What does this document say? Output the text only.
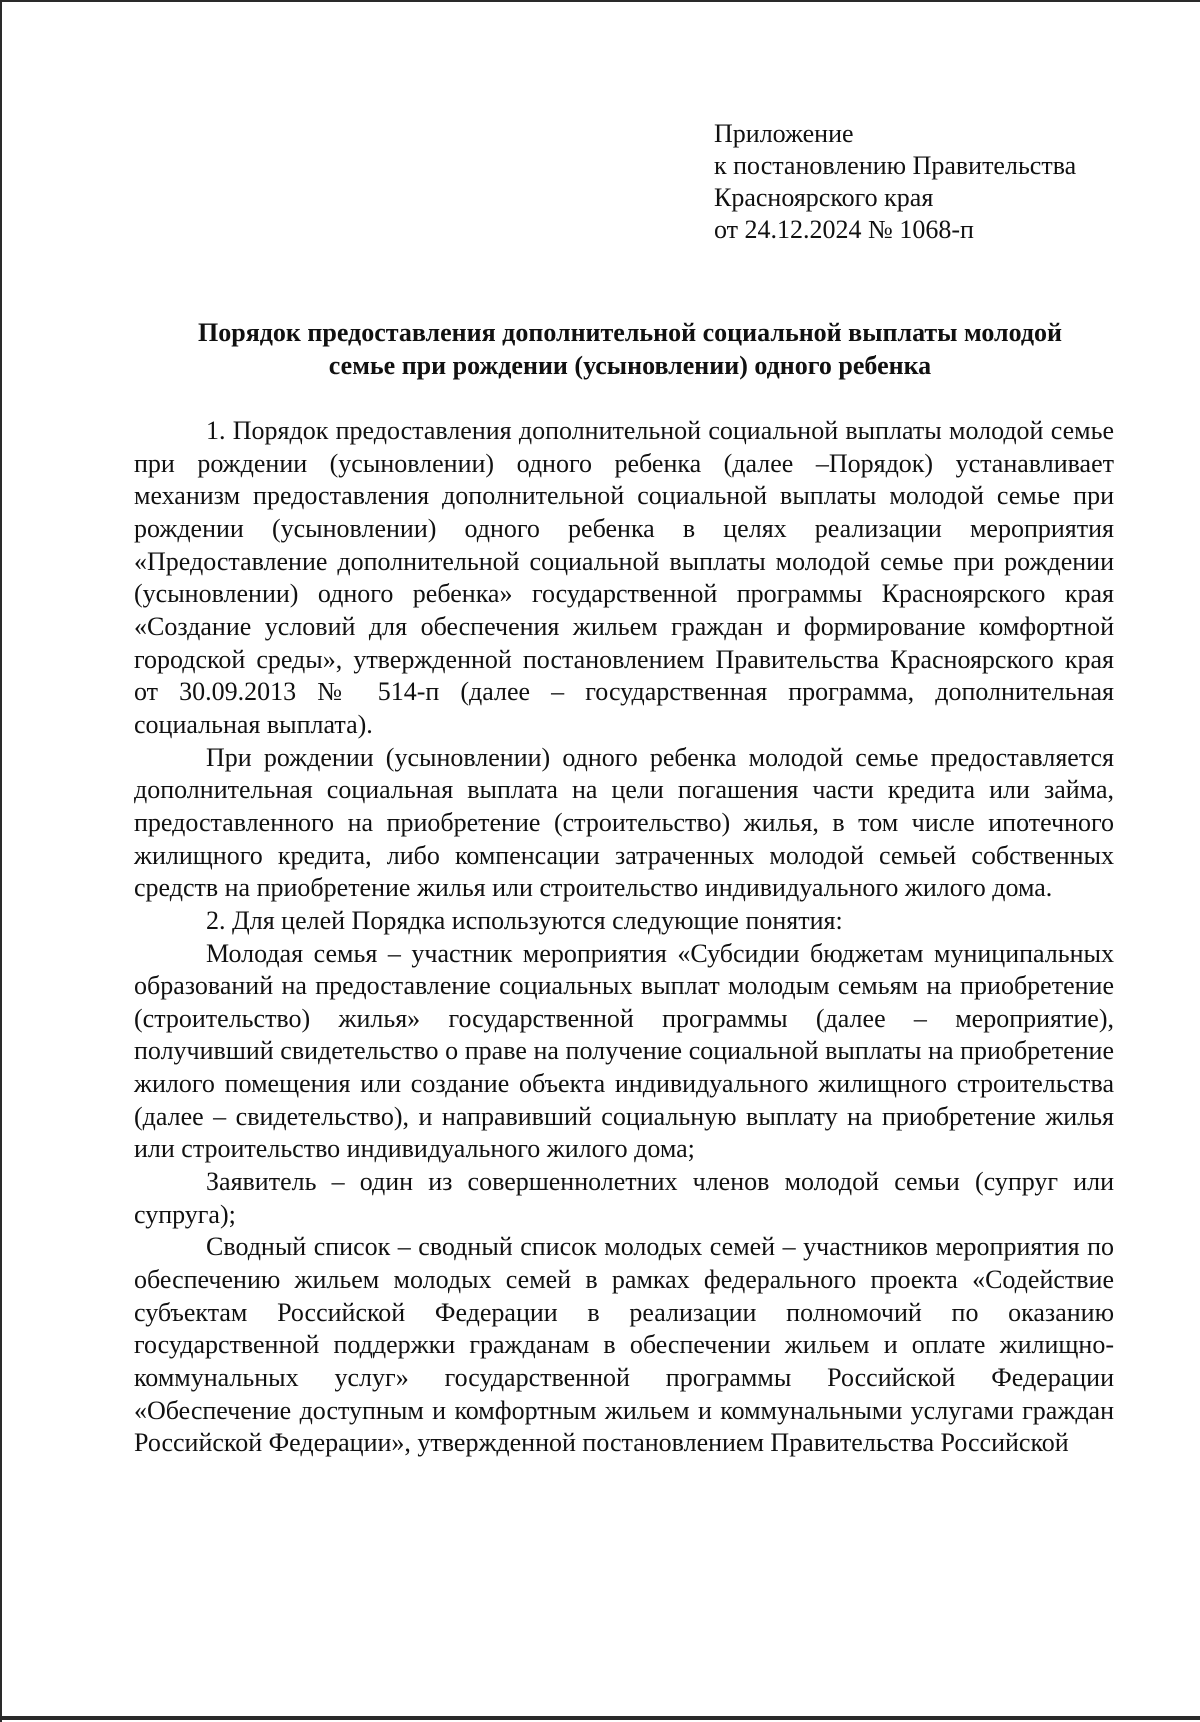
Приложение
к постановлению Правительства
Красноярского края
от 24.12.2024 № 1068-п
Порядок предоставления дополнительной социальной выплаты молодой
семье при рождении (усыновлении) одного ребенка

1. Порядок предоставления дополнительной социальной выплаты молодой семье при рождении (усыновлении) одного ребенка (далее –Порядок) устанавливает механизм предоставления дополнительной социальной выплаты молодой семье при рождении (усыновлении) одного ребенка в целях реализации мероприятия «Предоставление дополнительной социальной выплаты молодой семье при рождении (усыновлении) одного ребенка» государственной программы Красноярского края «Создание условий для обеспечения жильем граждан и формирование комфортной городской среды», утвержденной постановлением Правительства Красноярского края от 30.09.2013 № 514-п (далее – государственная программа, дополнительная социальная выплата).

При рождении (усыновлении) одного ребенка молодой семье предоставляется дополнительная социальная выплата на цели погашения части кредита или займа, предоставленного на приобретение (строительство) жилья, в том числе ипотечного жилищного кредита, либо компенсации затраченных молодой семьей собственных средств на приобретение жилья или строительство индивидуального жилого дома.

2. Для целей Порядка используются следующие понятия:

Молодая семья – участник мероприятия «Субсидии бюджетам муниципальных образований на предоставление социальных выплат молодым семьям на приобретение (строительство) жилья» государственной программы (далее – мероприятие), получивший свидетельство о праве на получение социальной выплаты на приобретение жилого помещения или создание объекта индивидуального жилищного строительства (далее – свидетельство), и направивший социальную выплату на приобретение жилья или строительство индивидуального жилого дома;

Заявитель – один из совершеннолетних членов молодой семьи (супруг или супруга);

Сводный список – сводный список молодых семей – участников мероприятия по обеспечению жильем молодых семей в рамках федерального проекта «Содействие субъектам Российской Федерации в реализации полномочий по оказанию государственной поддержки гражданам в обеспечении жильем и оплате жилищно-коммунальных услуг» государственной программы Российской Федерации «Обеспечение доступным и комфортным жильем и коммунальными услугами граждан Российской Федерации», утвержденной постановлением Правительства Российской
